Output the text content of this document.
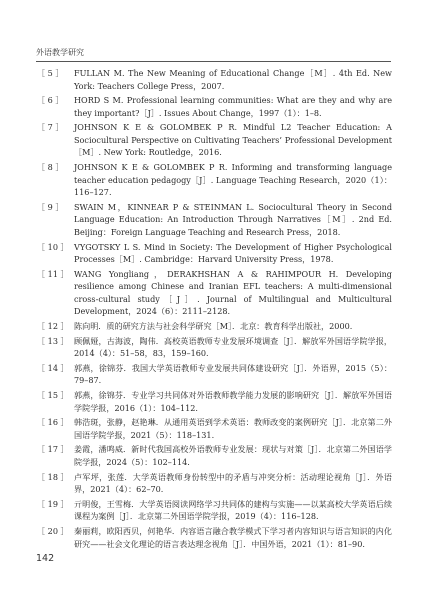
外语教学研究
［ 5 ］ FULLAN M. The New Meaning of Educational Change［M］. 4th Ed. New York: Teachers College Press，2007.
［ 6 ］ HORD S M. Professional learning communities: What are they and why are they important?［J］. Issues About Change，1997（1）：1–8.
［ 7 ］ JOHNSON K E & GOLOMBEK P R. Mindful L2 Teacher Education: A Sociocultural Perspective on Cultivating Teachers’ Professional Development［M］. New York: Routledge，2016.
［ 8 ］ JOHNSON K E & GOLOMBEK P R. Informing and transforming language teacher education pedagogy［J］. Language Teaching Research，2020（1）：116–127.
［ 9 ］ SWAIN M，KINNEAR P & STEINMAN L. Sociocultural Theory in Second Language Education: An Introduction Through Narratives［M］. 2nd Ed. Beijing：Foreign Language Teaching and Research Press，2018.
［ 10 ］ VYGOTSKY L S. Mind in Society: The Development of Higher Psychological Processes［M］. Cambridge：Harvard University Press，1978.
［ 11 ］ WANG Yongliang，DERAKHSHAN A & RAHIMPOUR H. Developing resilience among Chinese and Iranian EFL teachers: A multi-dimensional cross-cultural study［J］. Journal of Multilingual and Multicultural Development，2024（6）：2111–2128.
［ 12 ］ 陈向明．质的研究方法与社会科学研究［M］．北京：教育科学出版社，2000.
［ 13 ］ 顾佩娅，古海波，陶伟．高校英语教师专业发展环境调查［J］．解放军外国语学院学报，2014（4）：51–58，83，159–160.
［ 14 ］ 郭燕，徐锦芬．我国大学英语教师专业发展共同体建设研究［J］．外语界，2015（5）：79–87.
［ 15 ］ 郭燕，徐锦芬．专业学习共同体对外语教师教学能力发展的影响研究［J］．解放军外国语学院学报，2016（1）：104–112.
［ 16 ］ 韩浩斑，张静，赵艳琳．从通用英语到学术英语：教师改变的案例研究［J］．北京第二外国语学院学报，2021（5）：118–131.
［ 17 ］ 姜霞，潘鸣威．新时代我国高校外语教师专业发展：现状与对策［J］．北京第二外国语学院学报，2024（5）：102–114.
［ 18 ］ 卢军坪，张莲．大学英语教师身份转型中的矛盾与冲突分析：活动理论视角［J］．外语界，2021（4）：62–70.
［ 19 ］ 亓明俊，王雪梅．大学英语阅读网络学习共同体的建构与实施——以某高校大学英语后续课程为案例［J］．北京第二外国语学院学报，2019（4）：116–128.
［ 20 ］ 秦丽莉，欧阳西贝，何艳华．内容语言融合教学模式下学习者内容知识与语言知识的内化研究——社会文化理论的语言表达理念视角［J］．中国外语，2021（1）：81–90.
142
